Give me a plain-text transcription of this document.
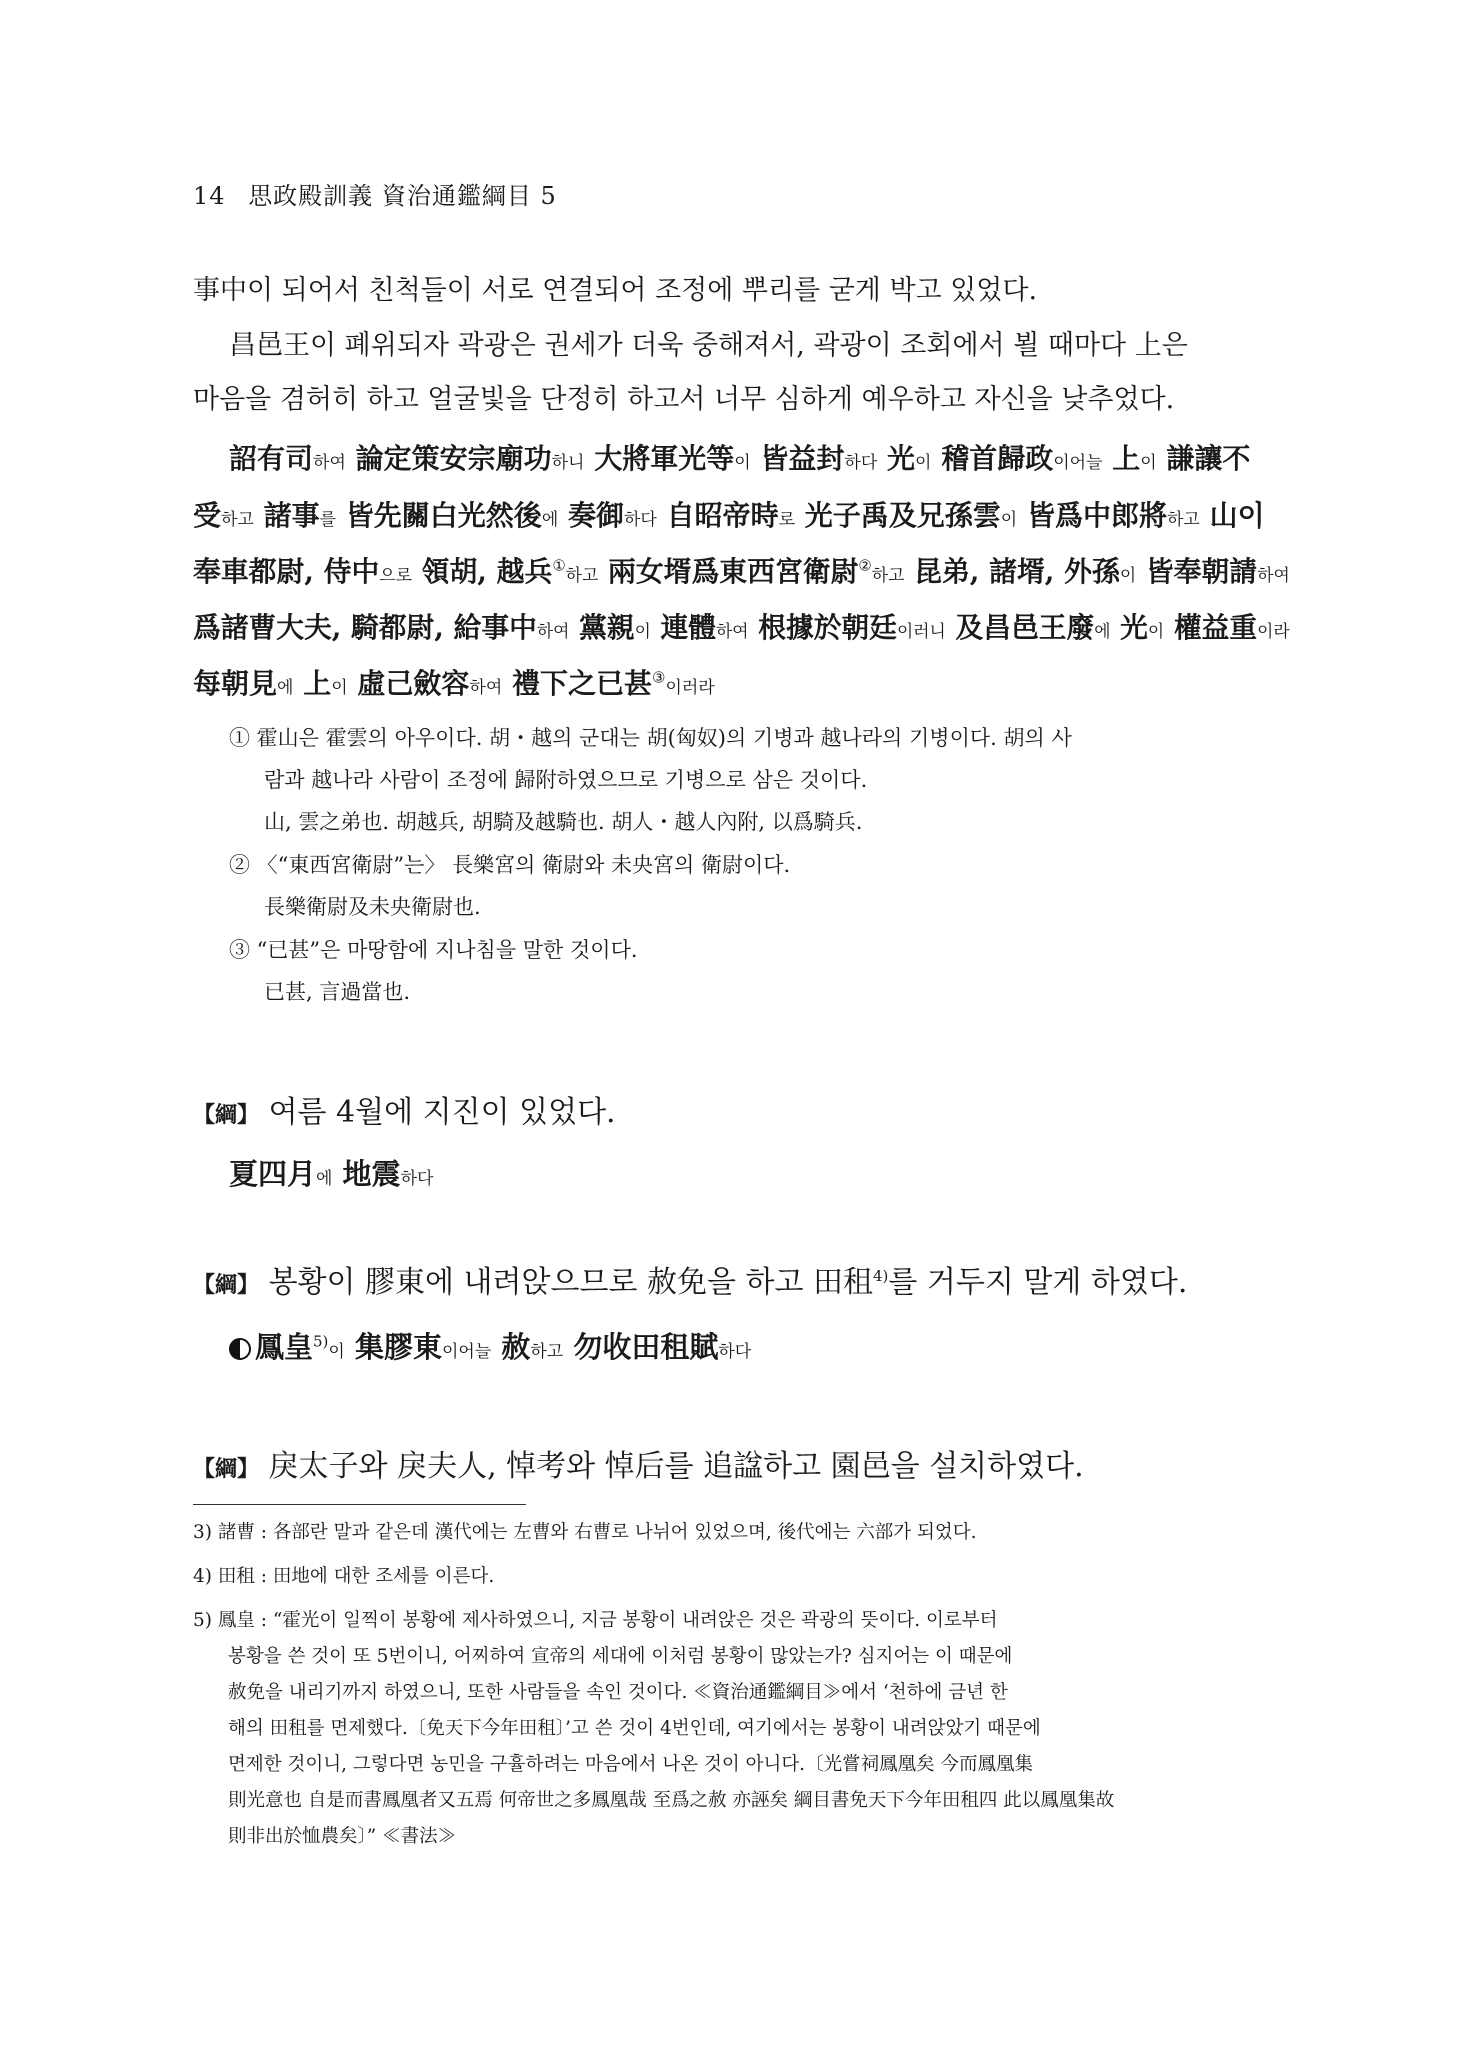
14 思政殿訓義 資治通鑑綱目 5
事中이 되어서 친척들이 서로 연결되어 조정에 뿌리를 굳게 박고 있었다.
昌邑王이 폐위되자 곽광은 권세가 더욱 중해져서, 곽광이 조회에서 뵐 때마다 上은
마음을 겸허히 하고 얼굴빛을 단정히 하고서 너무 심하게 예우하고 자신을 낮추었다.
詔有司하여 論定策安宗廟功하니 大將軍光等이 皆益封하다 光이 稽首歸政이어늘 上이 謙讓不
受하고 諸事를 皆先關白光然後에 奏御하다 自昭帝時로 光子禹及兄孫雲이 皆爲中郎將하고 山이
奉車都尉, 侍中으로 領胡, 越兵①하고 兩女壻爲東西宮衛尉②하고 昆弟, 諸壻, 外孫이 皆奉朝請하여
爲諸曹大夫, 騎都尉, 給事中하여 黨親이 連體하여 根據於朝廷이러니 及昌邑王廢에 光이 權益重이라
每朝見에 上이 虛己斂容하여 禮下之已甚③이러라
① 霍山은 霍雲의 아우이다. 胡・越의 군대는 胡(匈奴)의 기병과 越나라의 기병이다. 胡의 사
람과 越나라 사람이 조정에 歸附하였으므로 기병으로 삼은 것이다.
山, 雲之弟也. 胡越兵, 胡騎及越騎也. 胡人・越人內附, 以爲騎兵.
② 〈“東西宮衛尉”는〉 長樂宮의 衛尉와 未央宮의 衛尉이다.
長樂衛尉及未央衛尉也.
③ “已甚”은 마땅함에 지나침을 말한 것이다.
已甚, 言過當也.
【綱】 여름 4월에 지진이 있었다.
夏四月에 地震하다
【綱】 봉황이 膠東에 내려앉으므로 赦免을 하고 田租$^{4)}$를 거두지 말게 하였다.
鳳皇$^{5)}$이 集膠東이어늘 赦하고 勿收田租賦하다
【綱】 戾太子와 戾夫人, 悼考와 悼后를 追諡하고 園邑을 설치하였다.
3) 諸曹 : 各部란 말과 같은데 漢代에는 左曹와 右曹로 나뉘어 있었으며, 後代에는 六部가 되었다.
4) 田租 : 田地에 대한 조세를 이른다.
5) 鳳皇 : “霍光이 일찍이 봉황에 제사하였으니, 지금 봉황이 내려앉은 것은 곽광의 뜻이다. 이로부터
봉황을 쓴 것이 또 5번이니, 어찌하여 宣帝의 세대에 이처럼 봉황이 많았는가? 심지어는 이 때문에
赦免을 내리기까지 하였으니, 또한 사람들을 속인 것이다. ≪資治通鑑綱目≫에서 ‘천하에 금년 한
해의 田租를 면제했다.〔免天下今年田租〕’고 쓴 것이 4번인데, 여기에서는 봉황이 내려앉았기 때문에
면제한 것이니, 그렇다면 농민을 구휼하려는 마음에서 나온 것이 아니다.〔光嘗祠鳳凰矣 今而鳳凰集
則光意也 自是而書鳳凰者又五焉 何帝世之多鳳凰哉 至爲之赦 亦誣矣 綱目書免天下今年田租四 此以鳳凰集故
則非出於恤農矣〕” ≪書法≫
